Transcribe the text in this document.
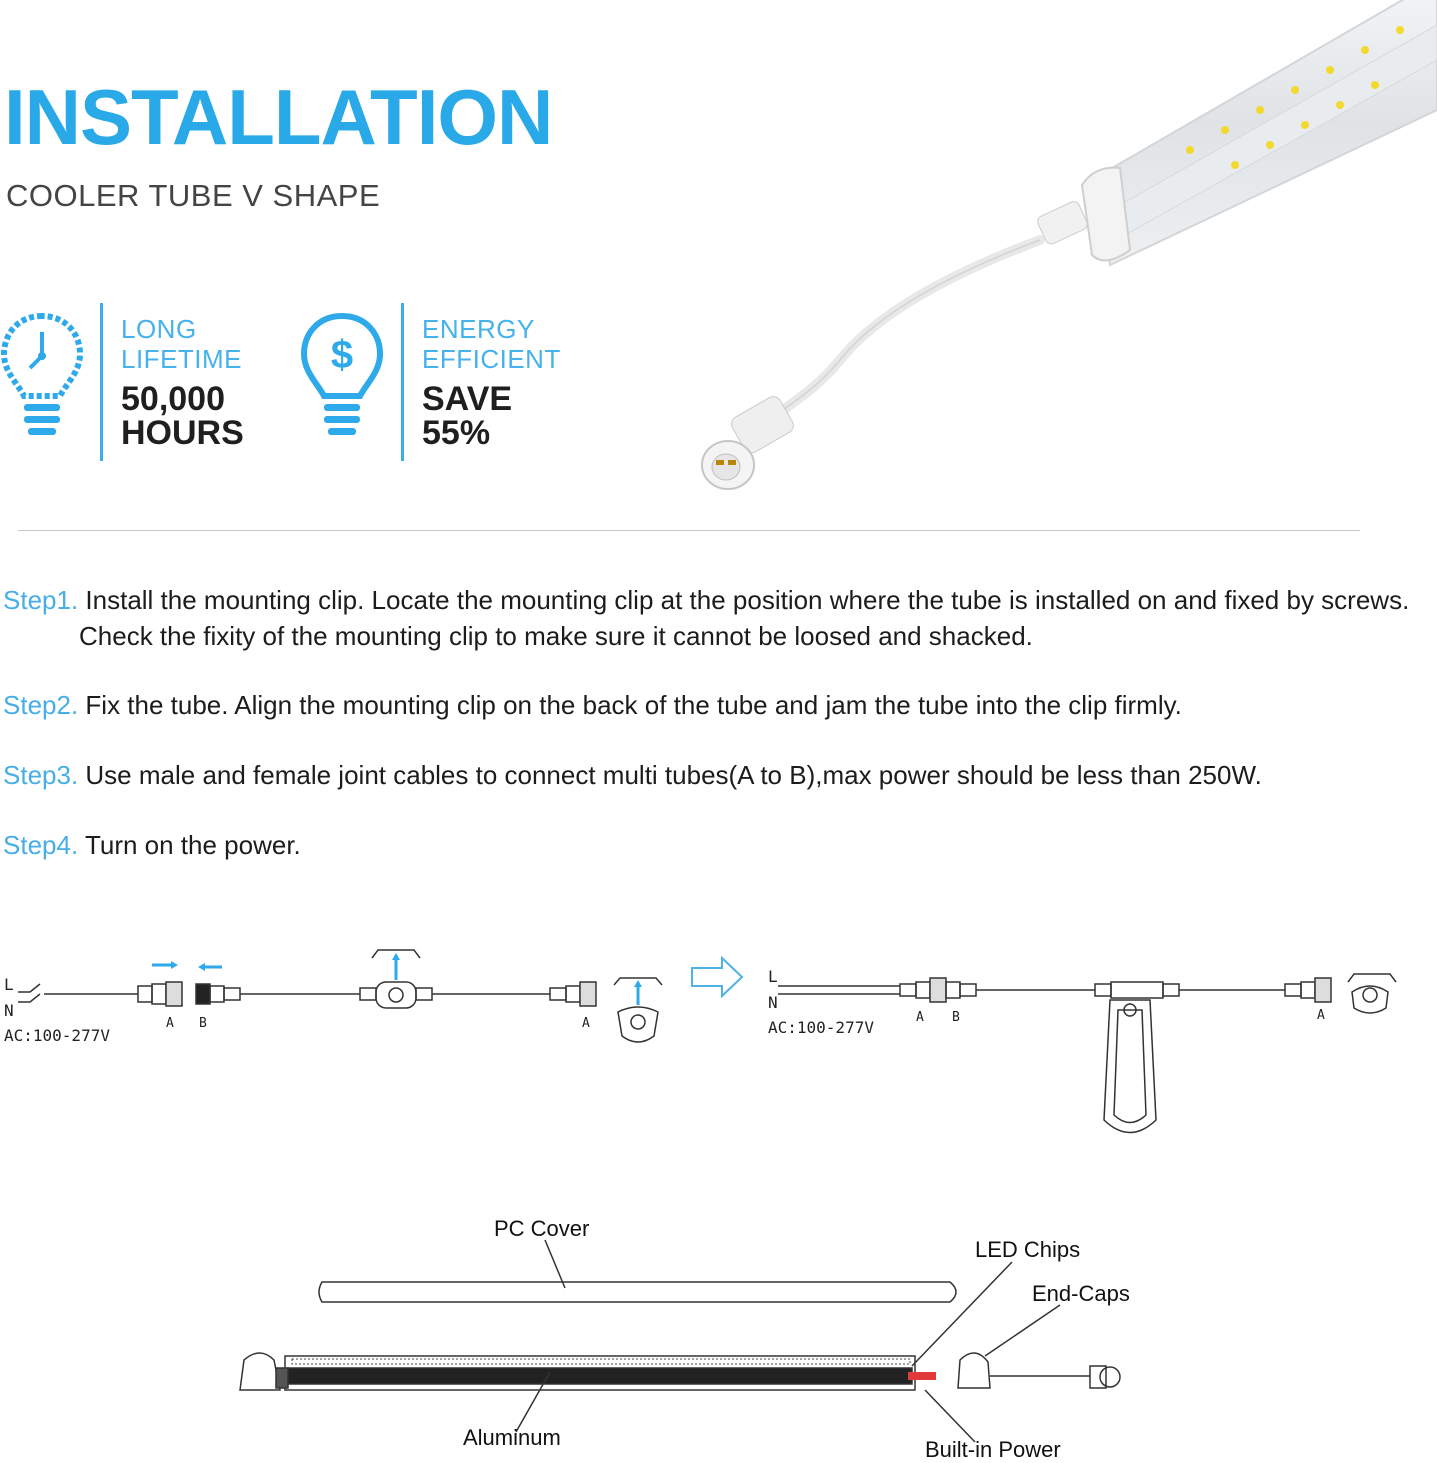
INSTALLATION
COOLER TUBE V SHAPE
LONG
LIFETIME
50,000
HOURS
$
ENERGY
EFFICIENT
SAVE
55%
Step1. Install the mounting clip. Locate the mounting clip at the position where the tube is installed on and fixed by screws.
Check the fixity of the mounting clip to make sure it cannot be loosed and shacked.
Step2. Fix the tube. Align the mounting clip on the back of the tube and jam the tube into the clip firmly.
Step3. Use male and female joint cables to connect multi tubes(A to B),max power should be less than 250W.
Step4. Turn on the power.
L
N
AC:100-277V
A B	A
L
N
AC:100-277V
A B	A
PC Cover
LED Chips
End-Caps
Aluminum	Built-in Power
